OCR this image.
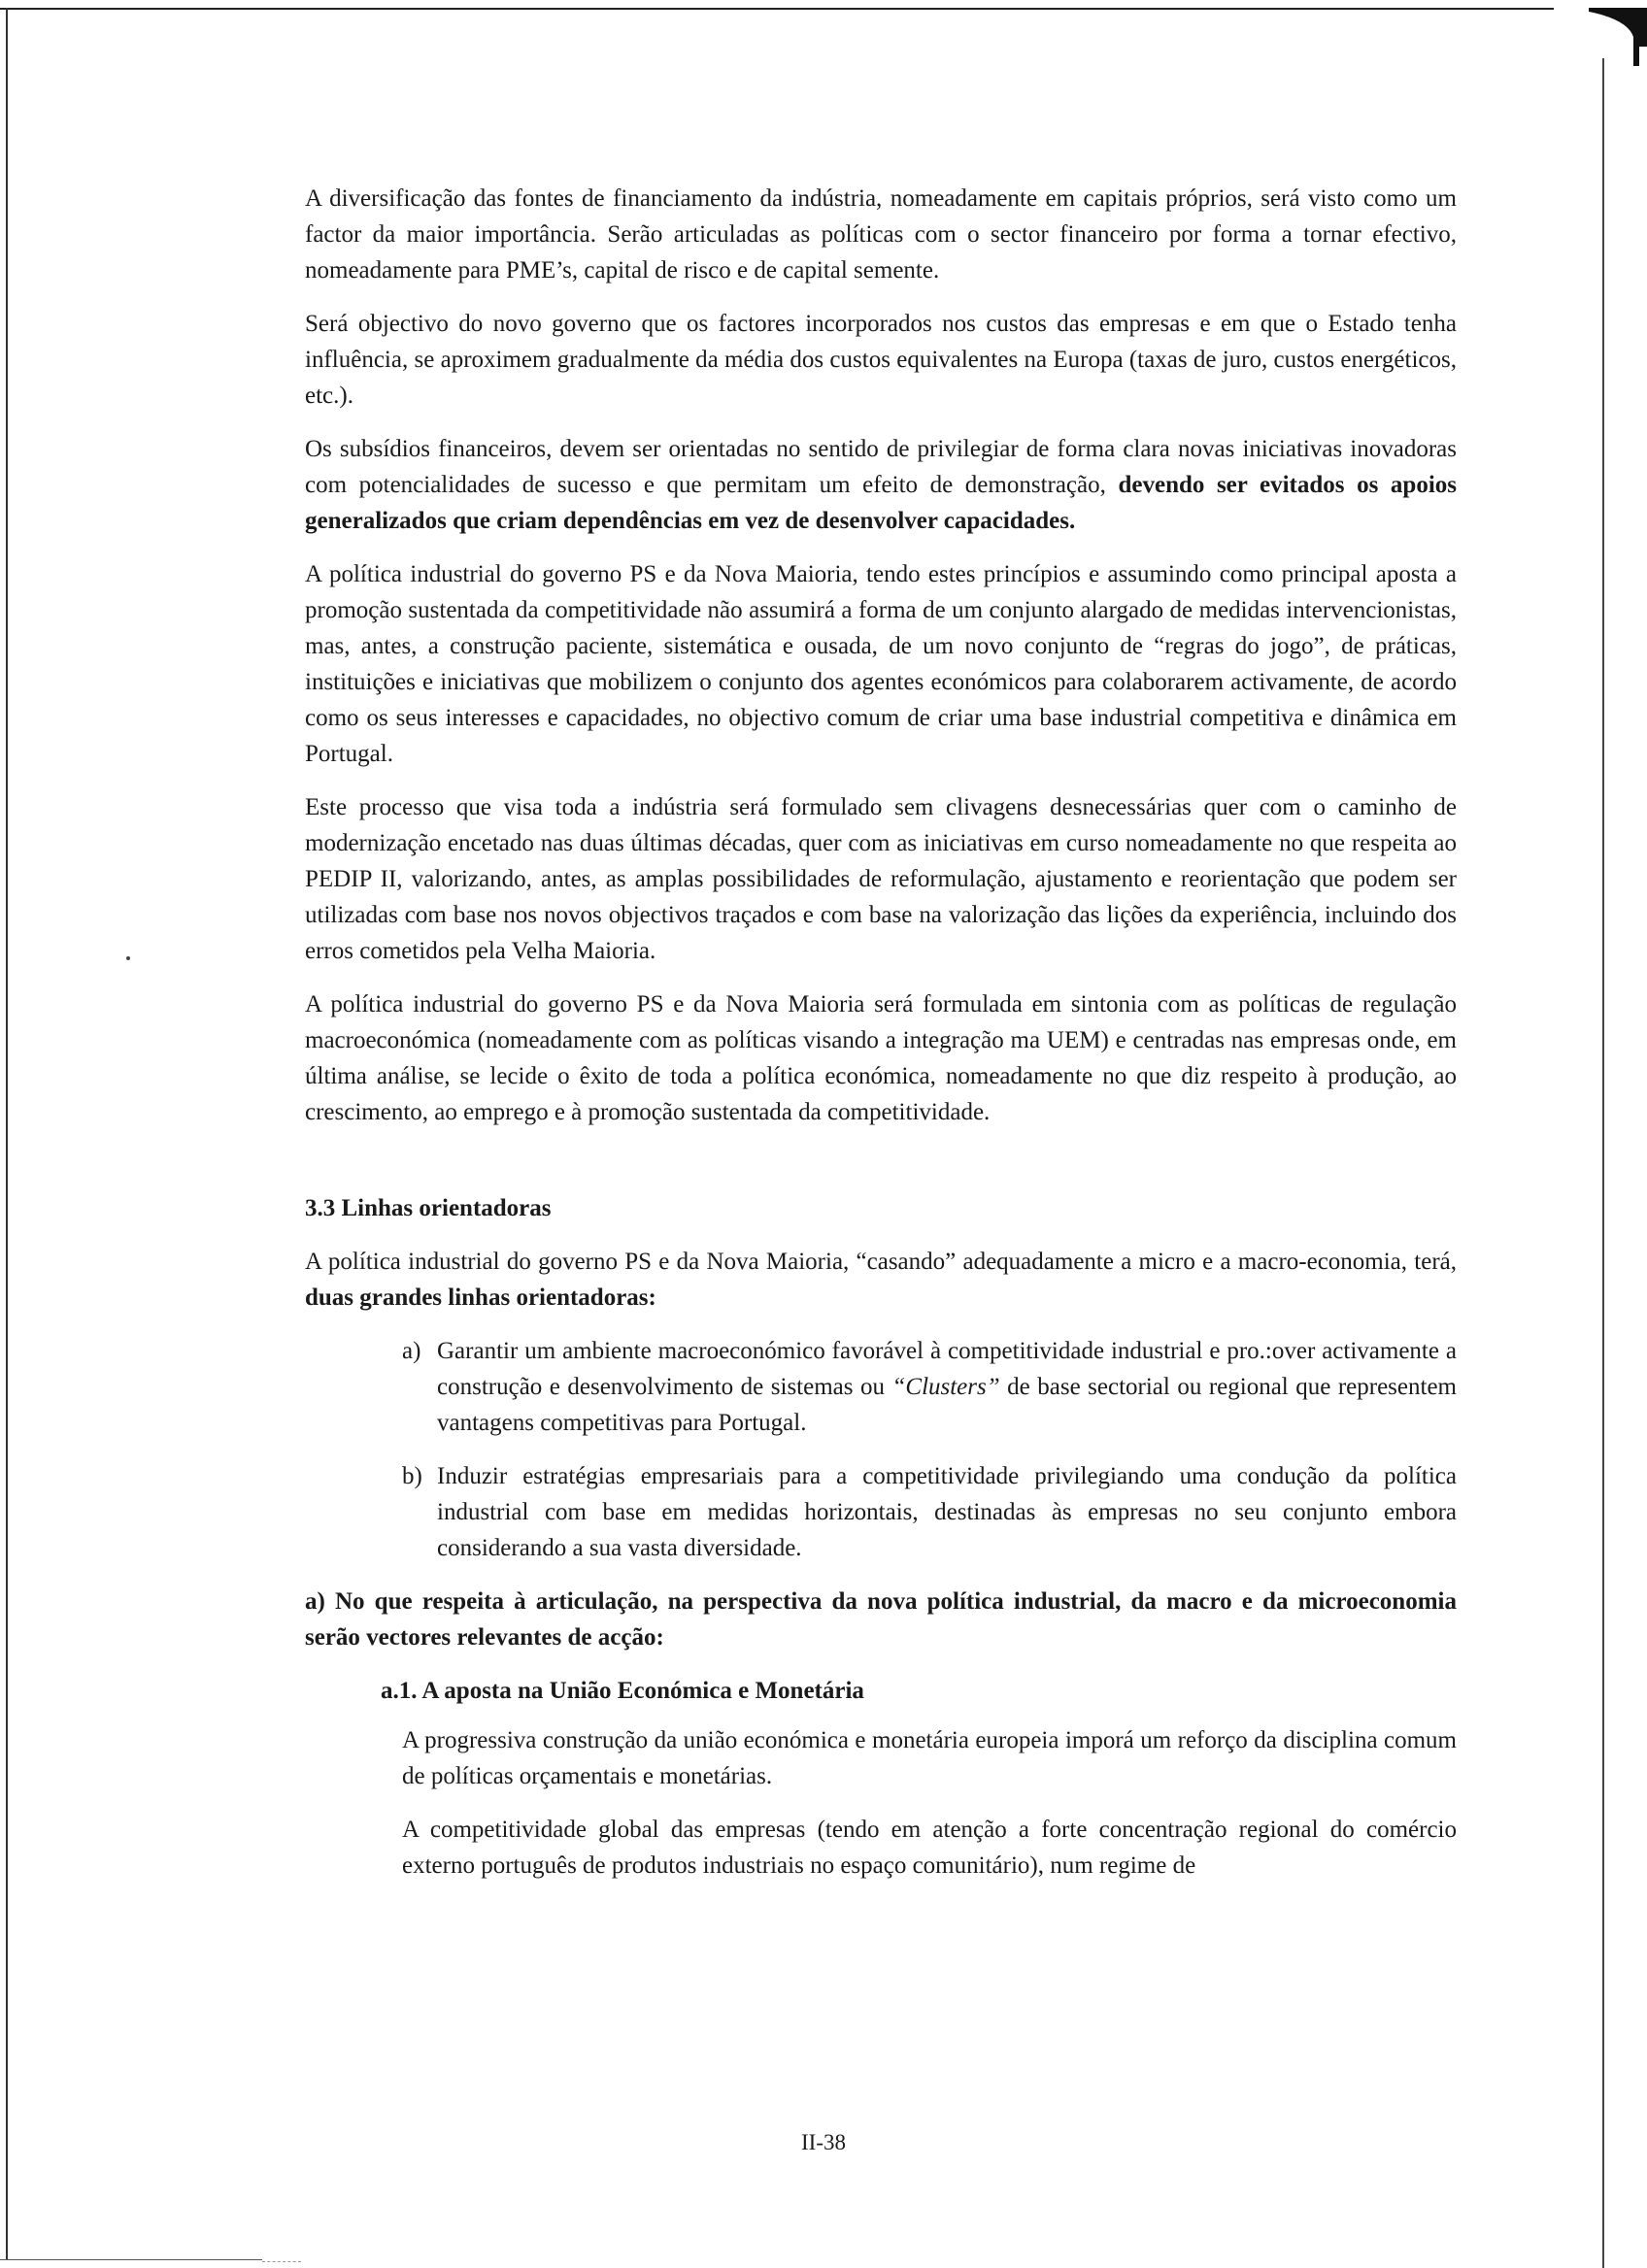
A diversificação das fontes de financiamento da indústria, nomeadamente em capitais próprios, será visto como um factor da maior importância. Serão articuladas as políticas com o sector financeiro por forma a tornar efectivo, nomeadamente para PME’s, capital de risco e de capital semente.

Será objectivo do novo governo que os factores incorporados nos custos das empresas e em que o Estado tenha influência, se aproximem gradualmente da média dos custos equivalentes na Europa (taxas de juro, custos energéticos, etc.).

Os subsídios financeiros, devem ser orientadas no sentido de privilegiar de forma clara novas iniciativas inovadoras com potencialidades de sucesso e que permitam um efeito de demonstração, devendo ser evitados os apoios generalizados que criam dependências em vez de desenvolver capacidades.

A política industrial do governo PS e da Nova Maioria, tendo estes princípios e assumindo como principal aposta a promoção sustentada da competitividade não assumirá a forma de um conjunto alargado de medidas intervencionistas, mas, antes, a construção paciente, sistemática e ousada, de um novo conjunto de “regras do jogo”, de práticas, instituições e iniciativas que mobilizem o conjunto dos agentes económicos para colaborarem activamente, de acordo como os seus interesses e capacidades, no objectivo comum de criar uma base industrial competitiva e dinâmica em Portugal.

Este processo que visa toda a indústria será formulado sem clivagens desnecessárias quer com o caminho de modernização encetado nas duas últimas décadas, quer com as iniciativas em curso nomeadamente no que respeita ao PEDIP II, valorizando, antes, as amplas possibilidades de reformulação, ajustamento e reorientação que podem ser utilizadas com base nos novos objectivos traçados e com base na valorização das lições da experiência, incluindo dos erros cometidos pela Velha Maioria.

A política industrial do governo PS e da Nova Maioria será formulada em sintonia com as políticas de regulação macroeconómica (nomeadamente com as políticas visando a integração ma UEM) e centradas nas empresas onde, em última análise, se lecide o êxito de toda a política económica, nomeadamente no que diz respeito à produção, ao crescimento, ao emprego e à promoção sustentada da competitividade.

3.3 Linhas orientadoras

A política industrial do governo PS e da Nova Maioria, “casando” adequadamente a micro e a macro-economia, terá, duas grandes linhas orientadoras:

a) Garantir um ambiente macroeconómico favorável à competitividade industrial e pro.:over activamente a construção e desenvolvimento de sistemas ou “Clusters” de base sectorial ou regional que representem vantagens competitivas para Portugal.

b) Induzir estratégias empresariais para a competitividade privilegiando uma condução da política industrial com base em medidas horizontais, destinadas às empresas no seu conjunto embora considerando a sua vasta diversidade.

a) No que respeita à articulação, na perspectiva da nova política industrial, da macro e da microeconomia serão vectores relevantes de acção:

a.1. A aposta na União Económica e Monetária

A progressiva construção da união económica e monetária europeia imporá um reforço da disciplina comum de políticas orçamentais e monetárias.

A competitividade global das empresas (tendo em atenção a forte concentração regional do comércio externo português de produtos industriais no espaço comunitário), num regime de

II-38
